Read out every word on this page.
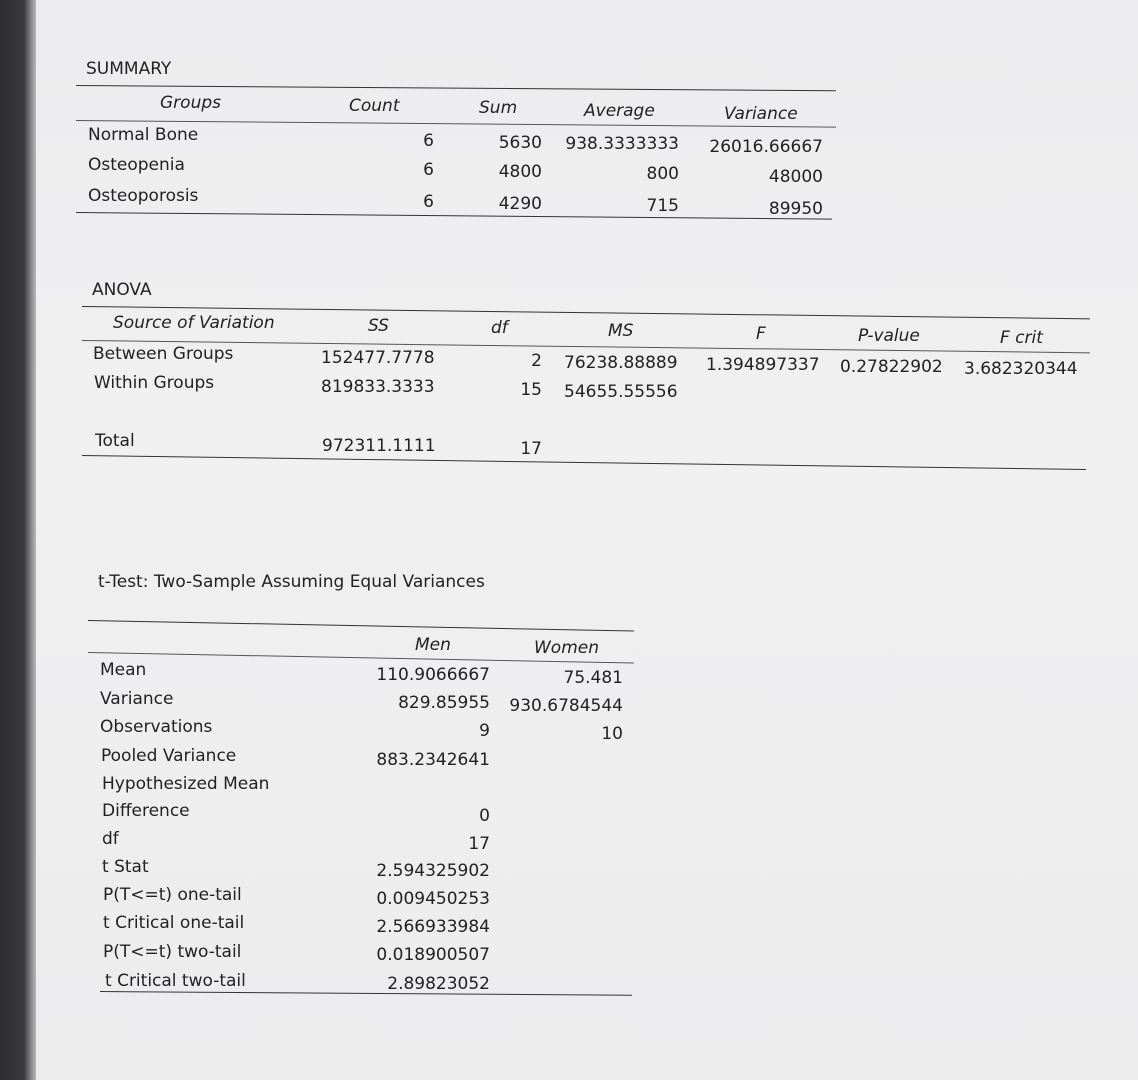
SUMMARY
Groups	Count	Sum	Average	Variance
Normal Bone	6	5630	938.3333333	26016.66667
Osteopenia	6	4800	800	48000
Osteoporosis	6	4290	715	89950
ANOVA
Source of Variation	SS	df	MS	F	P-value	F crit
Between Groups	152477.7778	2 76238.88889 1.394897337 0.27822902 3.682320344
Within Groups	819833.3333	15 54655.55556
Total	972311.1111	17
t-Test: Two-Sample Assuming Equal Variances
Men	Women
Mean	110.9066667	75.481
Variance	829.85955 930.6784544
Observations	9	10
Pooled Variance	883.2342641
Hypothesized Mean
Difference	0
df	17
t Stat	2.594325902
P(T<=t) one-tail	0.009450253
t Critical one-tail	2.566933984
P(T<=t) two-tail	0.018900507
t Critical two-tail	2.89823052
